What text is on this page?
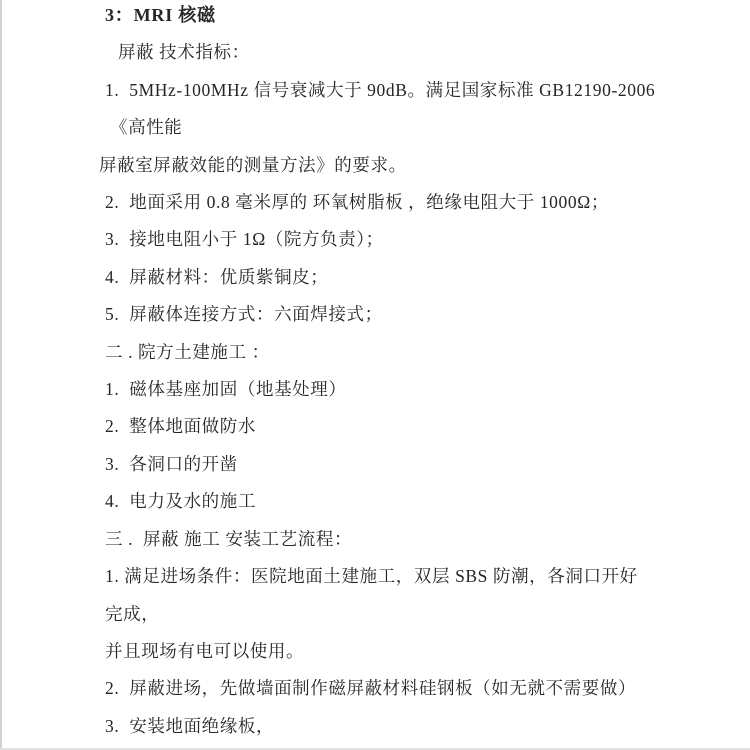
3：MRI 核磁
屏蔽 技术指标：
1.  5MHz-100MHz 信号衰减大于 90dB。满足国家标准 GB12190-2006
《高性能
屏蔽室屏蔽效能的测量方法》的要求。
2.  地面采用 0.8 毫米厚的 环氧树脂板 ，绝缘电阻大于 1000Ω；
3.  接地电阻小于 1Ω（院方负责）；
4.  屏蔽材料：优质紫铜皮；
5.  屏蔽体连接方式：六面焊接式；
二 . 院方土建施工 ：
1.  磁体基座加固（地基处理）
2.  整体地面做防水
3.  各洞口的开凿
4.  电力及水的施工
三 .  屏蔽 施工 安装工艺流程：
1. 满足进场条件：医院地面土建施工，双层 SBS 防潮，各洞口开好
完成，
并且现场有电可以使用。
2.  屏蔽进场，先做墙面制作磁屏蔽材料硅钢板（如无就不需要做）
3.  安装地面绝缘板，
